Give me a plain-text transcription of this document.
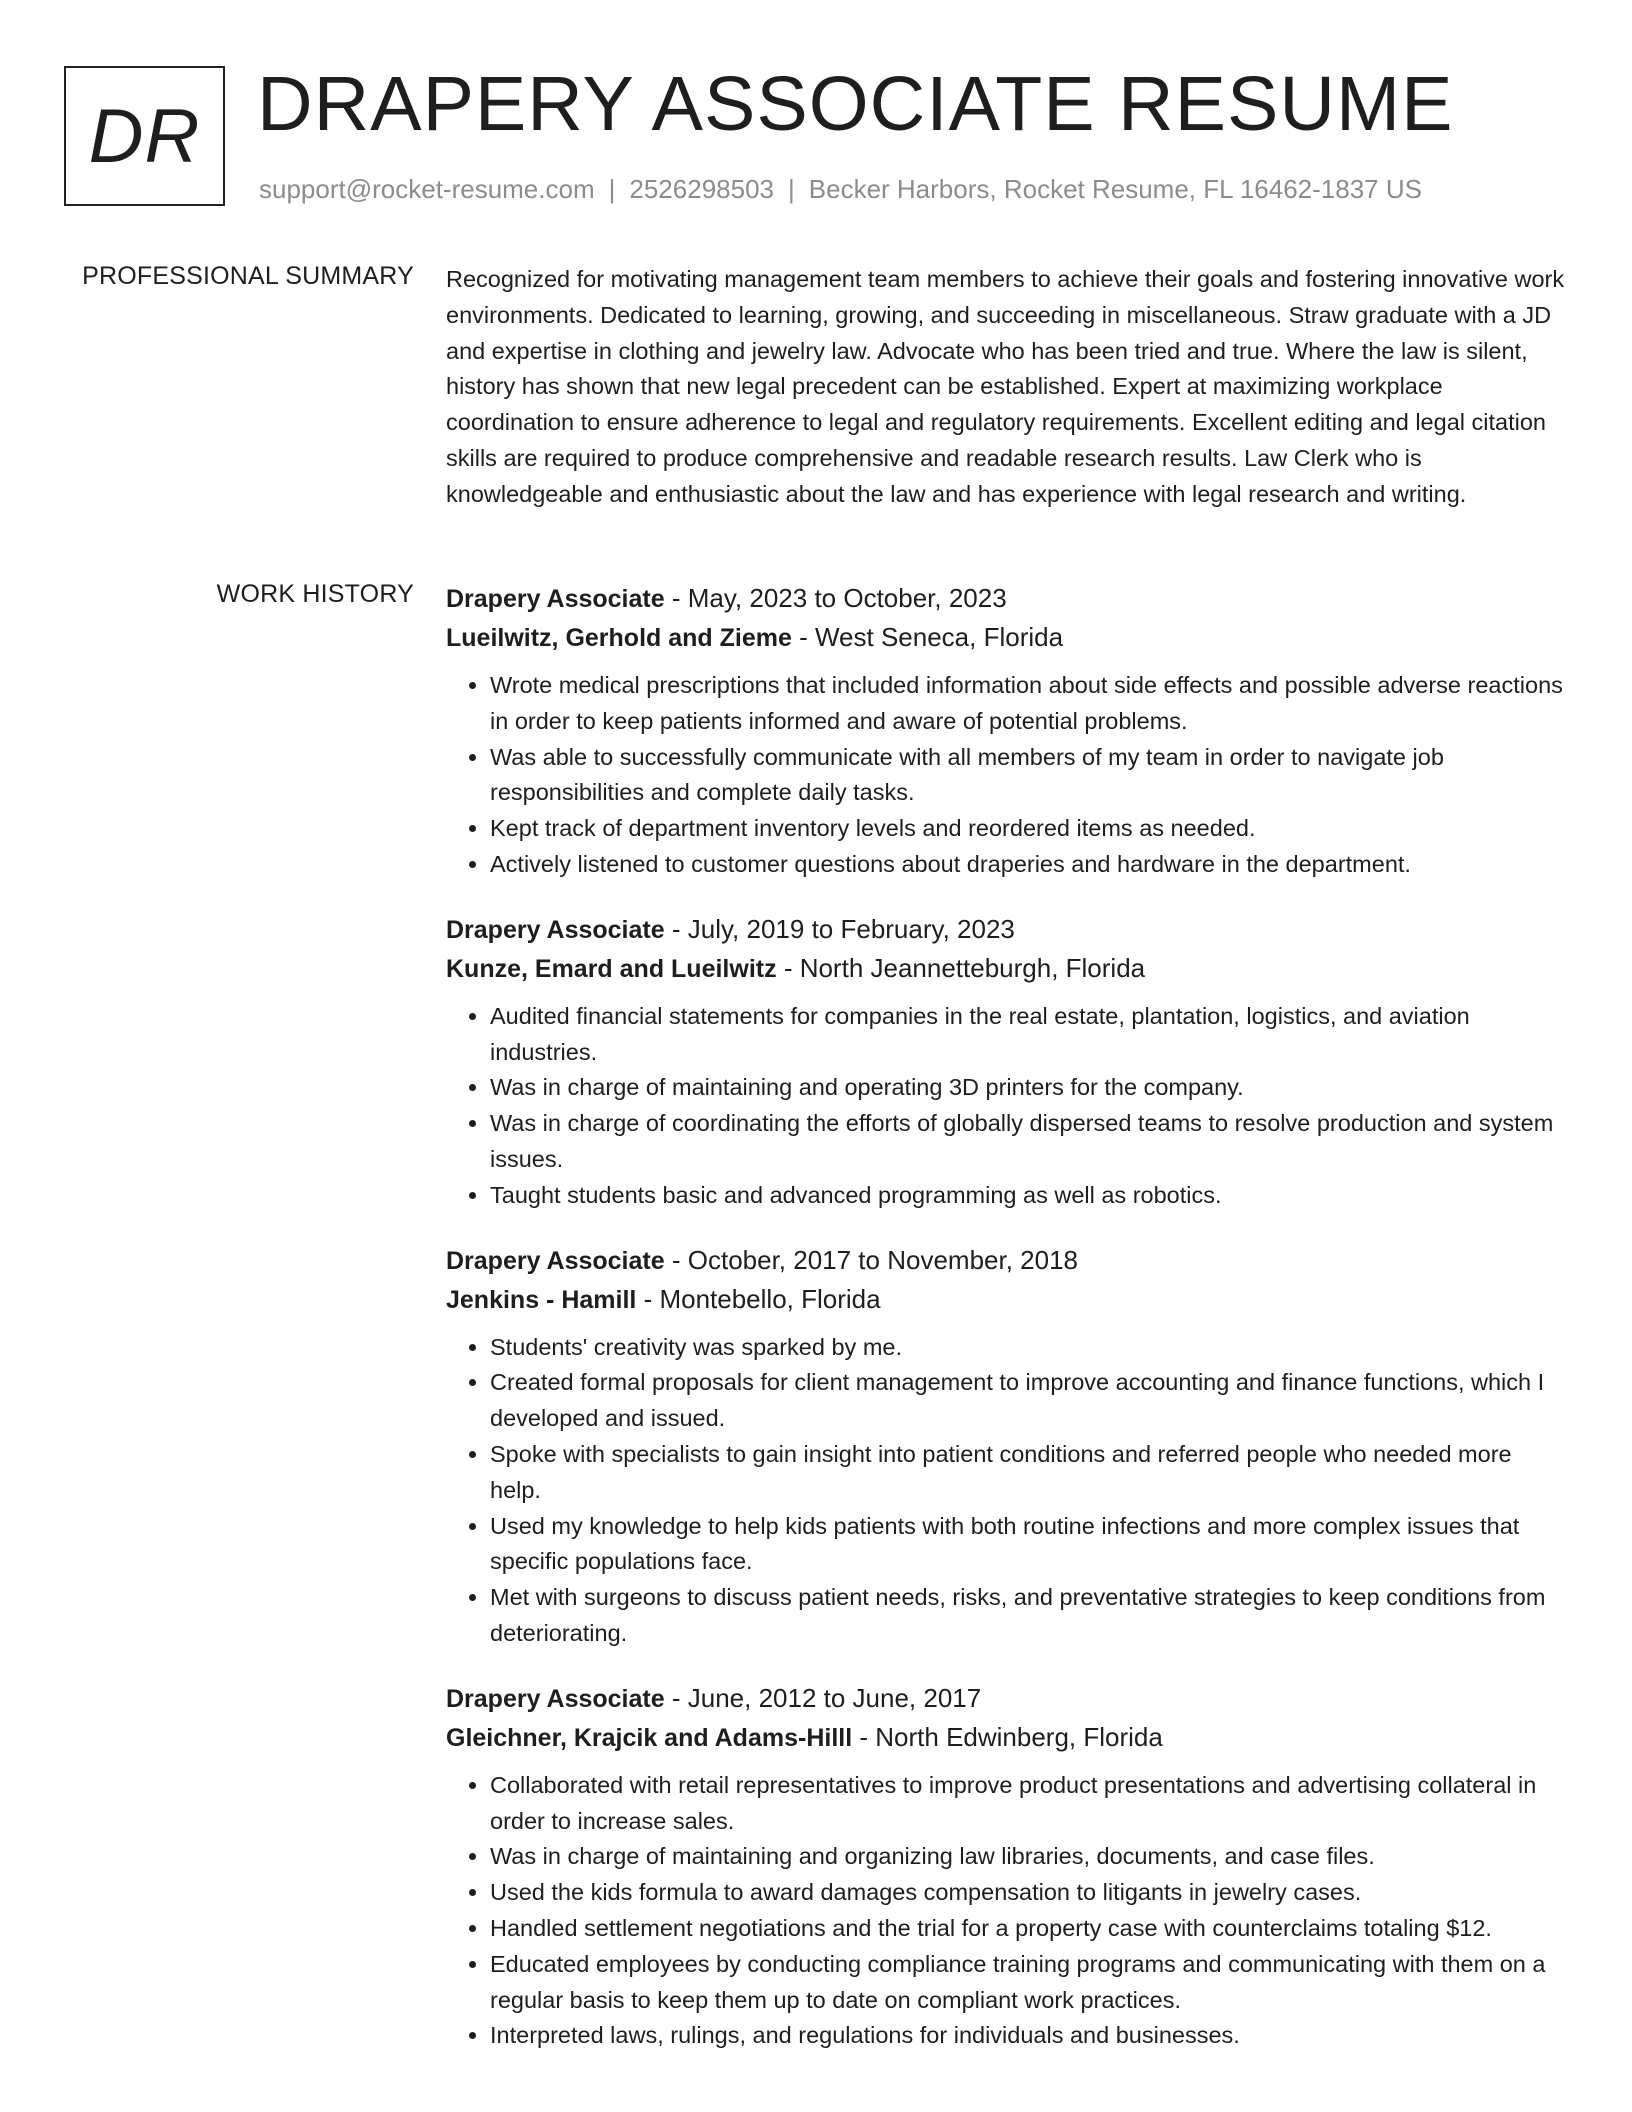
DR DRAPERY ASSOCIATE RESUME
support@rocket-resume.com | 2526298503 | Becker Harbors, Rocket Resume, FL 16462-1837 US
PROFESSIONAL SUMMARY Recognized for motivating management team members to achieve their goals and fostering innovative work environments. Dedicated to learning, growing, and succeeding in miscellaneous. Straw graduate with a JD and expertise in clothing and jewelry law. Advocate who has been tried and true. Where the law is silent, history has shown that new legal precedent can be established. Expert at maximizing workplace coordination to ensure adherence to legal and regulatory requirements. Excellent editing and legal citation skills are required to produce comprehensive and readable research results. Law Clerk who is knowledgeable and enthusiastic about the law and has experience with legal research and writing.

WORK HISTORY Drapery Associate - May, 2023 to October, 2023
Lueilwitz, Gerhold and Zieme - West Seneca, Florida
• Wrote medical prescriptions that included information about side effects and possible adverse reactions in order to keep patients informed and aware of potential problems.
• Was able to successfully communicate with all members of my team in order to navigate job responsibilities and complete daily tasks.
• Kept track of department inventory levels and reordered items as needed.
• Actively listened to customer questions about draperies and hardware in the department.
Drapery Associate - July, 2019 to February, 2023
Kunze, Emard and Lueilwitz - North Jeannetteburgh, Florida
• Audited financial statements for companies in the real estate, plantation, logistics, and aviation industries.
• Was in charge of maintaining and operating 3D printers for the company.
• Was in charge of coordinating the efforts of globally dispersed teams to resolve production and system issues.
• Taught students basic and advanced programming as well as robotics.
Drapery Associate - October, 2017 to November, 2018
Jenkins - Hamill - Montebello, Florida
• Students' creativity was sparked by me.
• Created formal proposals for client management to improve accounting and finance functions, which I developed and issued.
• Spoke with specialists to gain insight into patient conditions and referred people who needed more help.
• Used my knowledge to help kids patients with both routine infections and more complex issues that specific populations face.
• Met with surgeons to discuss patient needs, risks, and preventative strategies to keep conditions from deteriorating.
Drapery Associate - June, 2012 to June, 2017
Gleichner, Krajcik and Adams-Hilll - North Edwinberg, Florida
• Collaborated with retail representatives to improve product presentations and advertising collateral in order to increase sales.
• Was in charge of maintaining and organizing law libraries, documents, and case files.
• Used the kids formula to award damages compensation to litigants in jewelry cases.
• Handled settlement negotiations and the trial for a property case with counterclaims totaling $12.
• Educated employees by conducting compliance training programs and communicating with them on a regular basis to keep them up to date on compliant work practices.
• Interpreted laws, rulings, and regulations for individuals and businesses.
